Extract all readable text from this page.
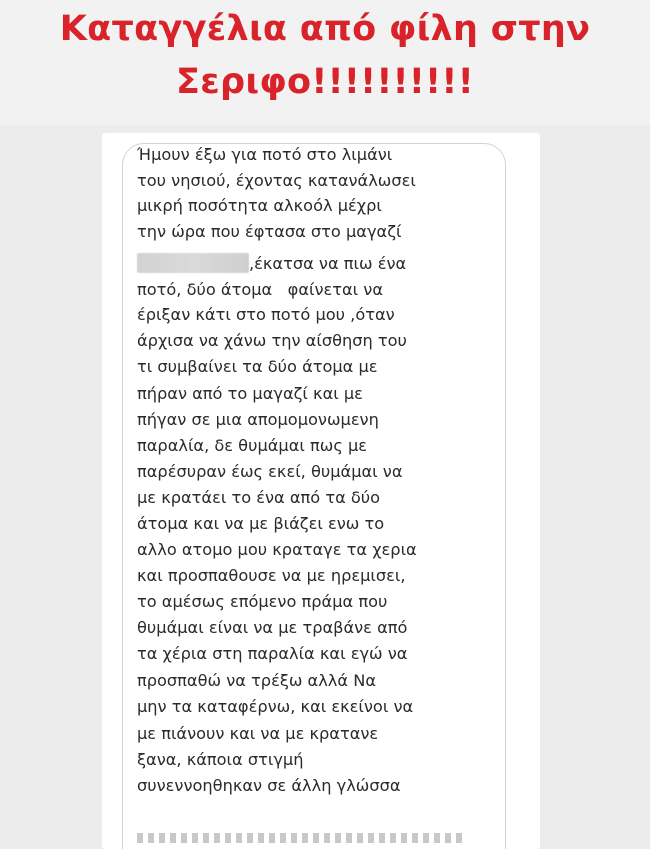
Καταγγέλια από φίλη στην
Σεριφο!!!!!!!!!!
Ήμουν έξω για ποτό στο λιμάνι
του νησιού, έχοντας κατανάλωσει
μικρή ποσότητα αλκοόλ μέχρι
την ώρα που έφτασα στο μαγαζί
,έκατσα να πιω ένα
ποτό, δύο άτομα   φαίνεται να
έριξαν κάτι στο ποτό μου ,όταν
άρχισα να χάνω την αίσθηση του
τι συμβαίνει τα δύο άτομα με
πήραν από το μαγαζί και με
πήγαν σε μια απομομονωμενη
παραλία, δε θυμάμαι πως με
παρέσυραν έως εκεί, θυμάμαι να
με κρατάει το ένα από τα δύο
άτομα και να με βιάζει ενω το
αλλο ατομο μου κραταγε τα χερια
και προσπαθουσε να με ηρεμισει,
το αμέσως επόμενο πράμα που
θυμάμαι είναι να με τραβάνε από
τα χέρια στη παραλία και εγώ να
προσπαθώ να τρέξω αλλά Να
μην τα καταφέρνω, και εκείνοι να
με πιάνουν και να με κρατανε
ξανα, κάποια στιγμή
συνεννοηθηκαν σε άλλη γλώσσα
